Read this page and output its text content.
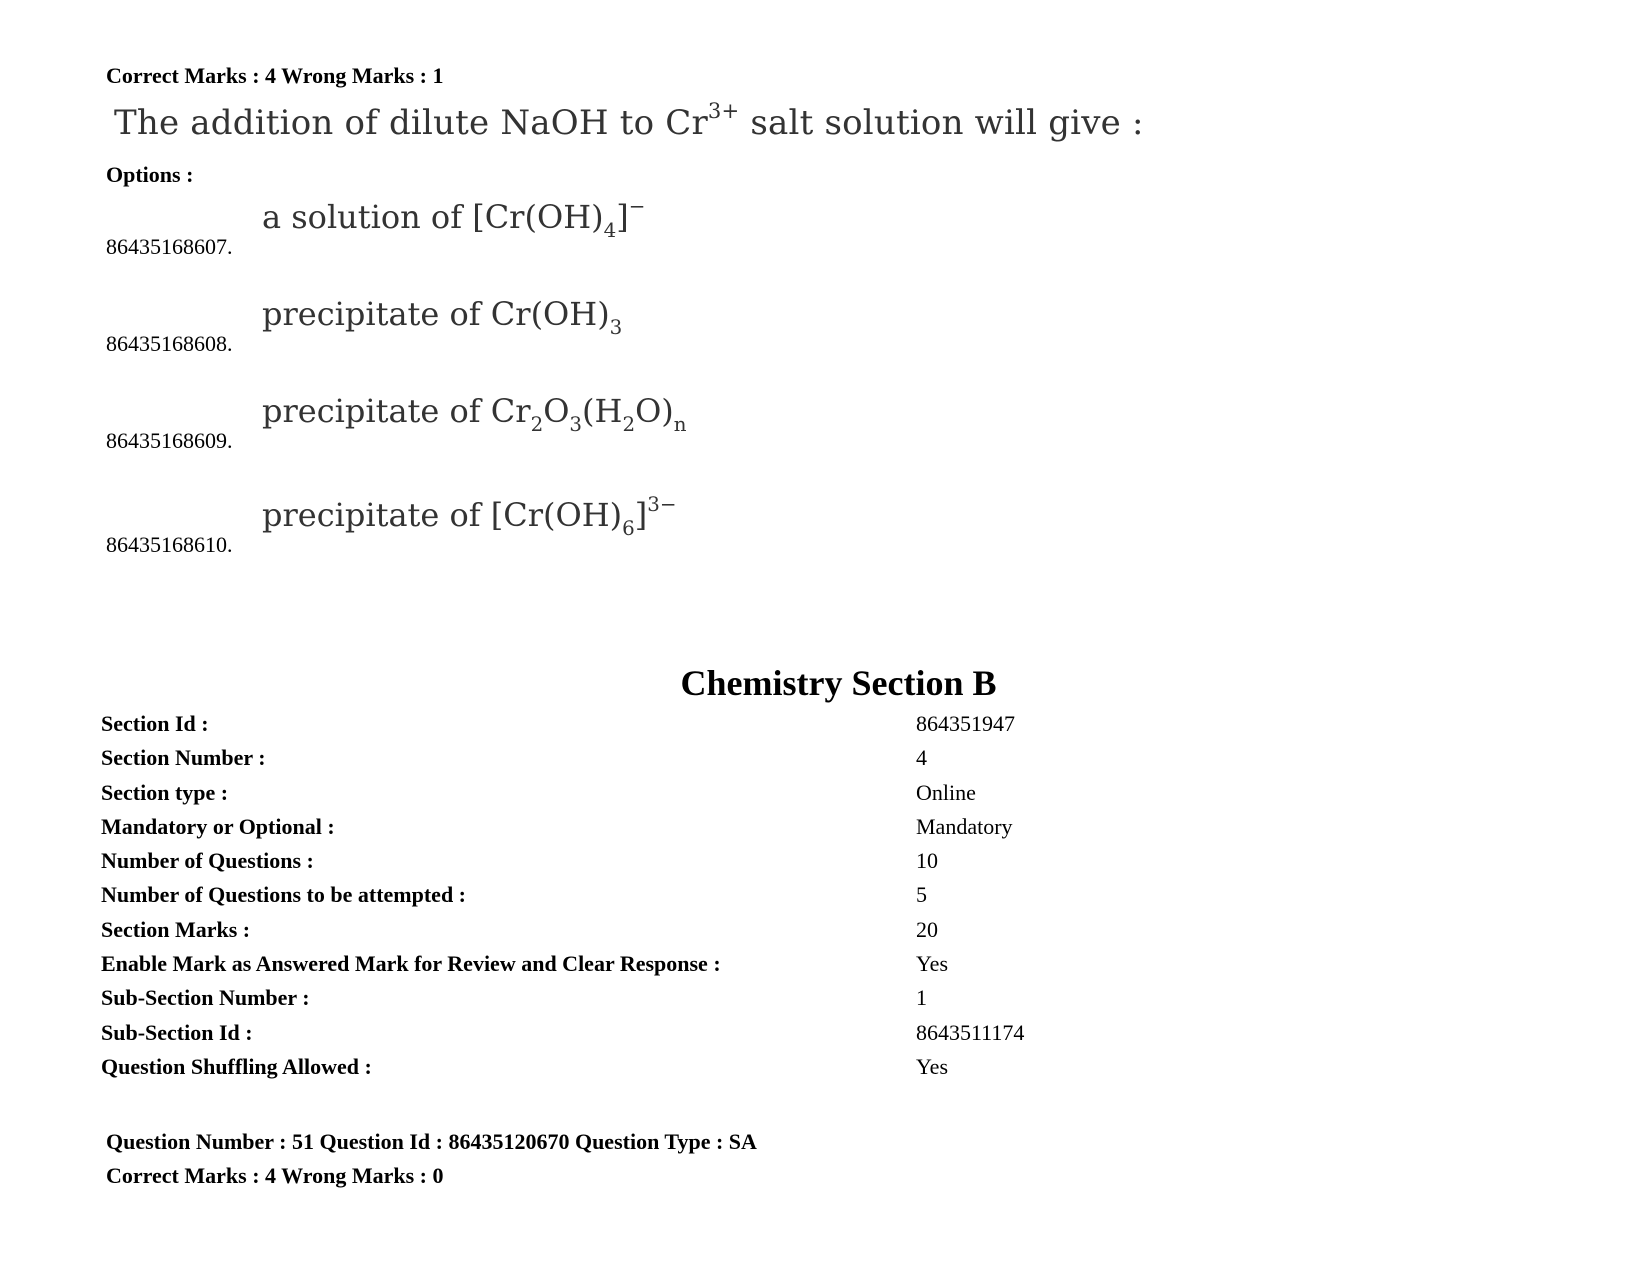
Correct Marks : 4 Wrong Marks : 1
The addition of dilute NaOH to $Cr^{3+}$ salt solution will give :
Options :
86435168607.
a solution of $[Cr(OH)_4]^-$
86435168608.
precipitate of $Cr(OH)_3$
86435168609.
precipitate of $Cr_2O_3(H_2O)_n$
86435168610.
precipitate of $[Cr(OH)_6]^{3-}$
Chemistry Section B
Section Id :	864351947
Section Number :	4
Section type :	Online
Mandatory or Optional :	Mandatory
Number of Questions :	10
Number of Questions to be attempted :	5
Section Marks :	20
Enable Mark as Answered Mark for Review and Clear Response :	Yes
Sub-Section Number :	1
Sub-Section Id :	8643511174
Question Shuffling Allowed :	Yes
Question Number : 51 Question Id : 86435120670 Question Type : SA
Correct Marks : 4 Wrong Marks : 0
